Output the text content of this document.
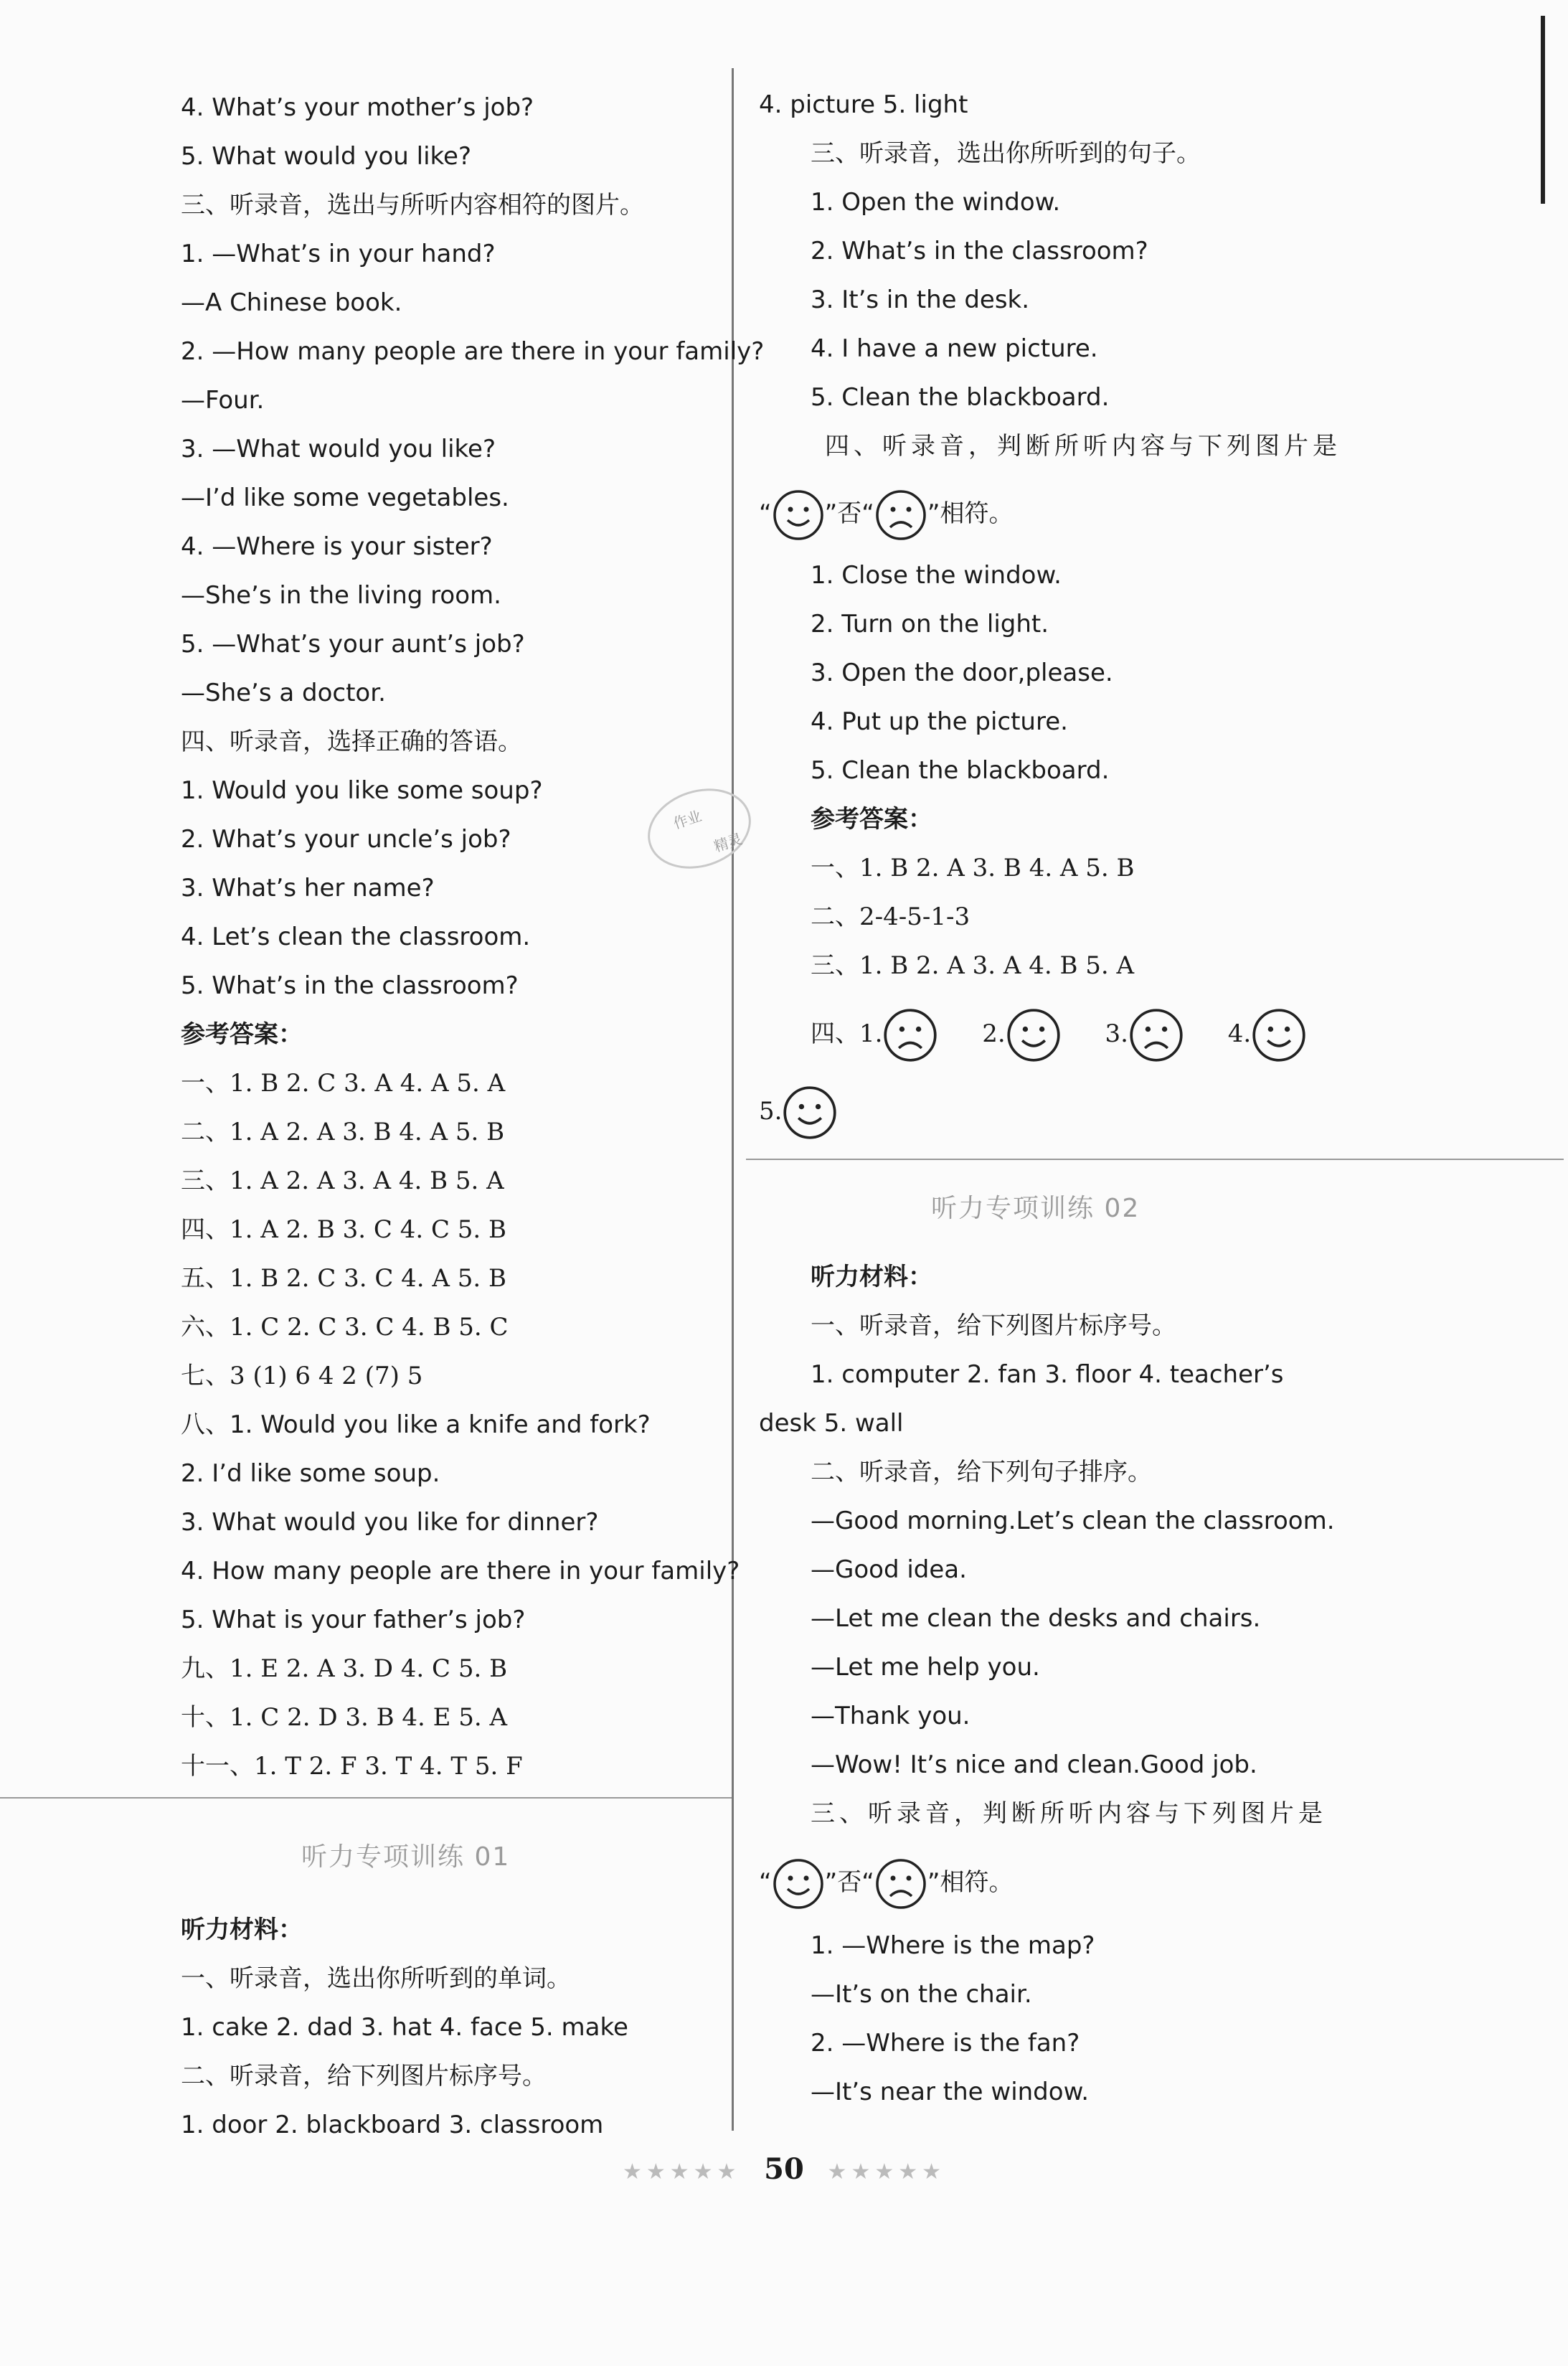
4. What’s your mother’s job?
5. What would you like?
三、听录音，选出与所听内容相符的图片。
1. —What’s in your hand?
—A Chinese book.
2. —How many people are there in your family?
—Four.
3. —What would you like?
—I’d like some vegetables.
4. —Where is your sister?
—She’s in the living room.
5. —What’s your aunt’s job?
—She’s a doctor.
四、听录音，选择正确的答语。
1. Would you like some soup?
2. What’s your uncle’s job?
3. What’s her name?
4. Let’s clean the classroom.
5. What’s in the classroom?
参考答案：
一、1. B 2. C 3. A 4. A 5. A
二、1. A 2. A 3. B 4. A 5. B
三、1. A 2. A 3. A 4. B 5. A
四、1. A 2. B 3. C 4. C 5. B
五、1. B 2. C 3. C 4. A 5. B
六、1. C 2. C 3. C 4. B 5. C
七、3 (1) 6 4 2 (7) 5
八、1. Would you like a knife and fork?
2. I’d like some soup.
3. What would you like for dinner?
4. How many people are there in your family?
5. What is your father’s job?
九、1. E 2. A 3. D 4. C 5. B
十、1. C 2. D 3. B 4. E 5. A
十一、1. T 2. F 3. T 4. T 5. F
听力专项训练 01
听力材料：
一、听录音，选出你所听到的单词。
1. cake 2. dad 3. hat 4. face 5. make
二、听录音，给下列图片标序号。
1. door 2. blackboard 3. classroom
作业
精灵
4. picture 5. light
三、听录音，选出你所听到的句子。
1. Open the window.
2. What’s in the classroom?
3. It’s in the desk.
4. I have a new picture.
5. Clean the blackboard.
四、听录音，判断所听内容与下列图片是
“ ”否“ ”相符。
1. Close the window.
2. Turn on the light.
3. Open the door,please.
4. Put up the picture.
5. Clean the blackboard.
参考答案：
一、1. B 2. A 3. B 4. A 5. B
二、2-4-5-1-3
三、1. B 2. A 3. A 4. B 5. A
四、1.	2.	3.	4.
5.
听力专项训练 02
听力材料：
一、听录音，给下列图片标序号。
1. computer 2. fan 3. floor 4. teacher’s
desk 5. wall
二、听录音，给下列句子排序。
—Good morning.Let’s clean the classroom.
—Good idea.
—Let me clean the desks and chairs.
—Let me help you.
—Thank you.
—Wow! It’s nice and clean.Good job.
三、听录音，判断所听内容与下列图片是
“ ”否“ ”相符。
1. —Where is the map?
—It’s on the chair.
2. —Where is the fan?
—It’s near the window.
★★★★★ 50 ★★★★★
